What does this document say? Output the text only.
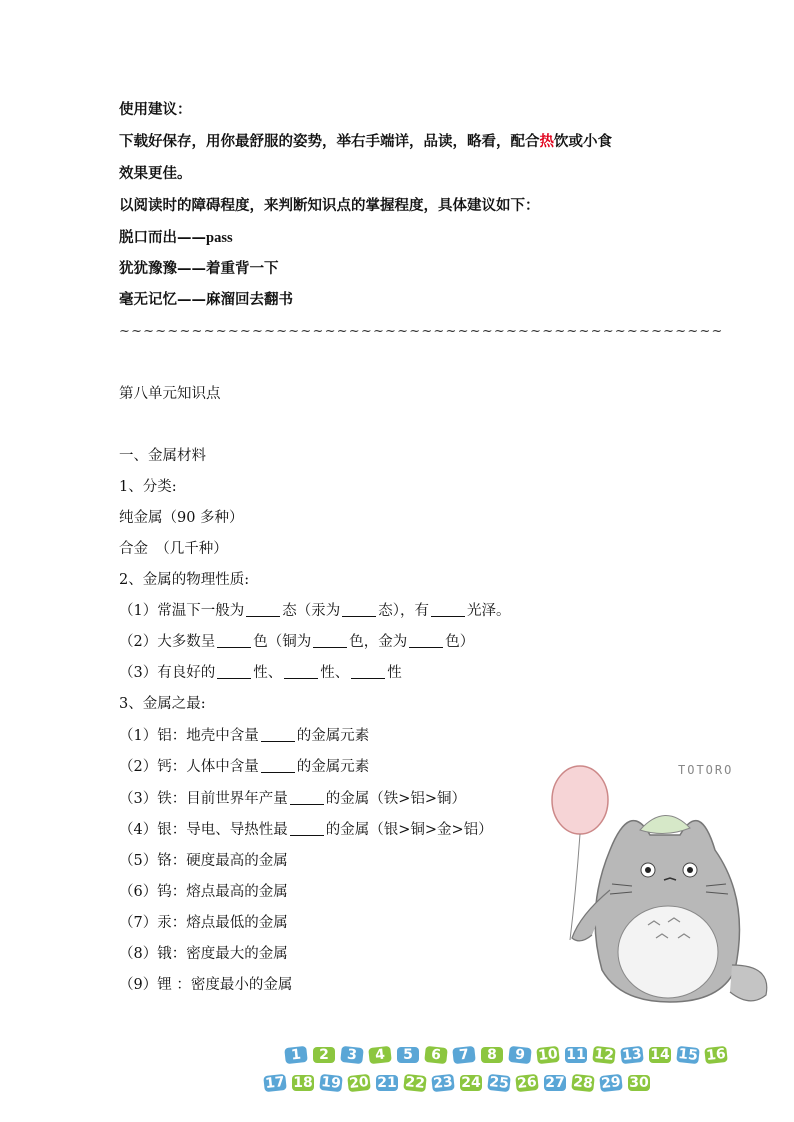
使用建议：
下载好保存，用你最舒服的姿势，举右手端详，品读，略看，配合热饮或小食
效果更佳。
以阅读时的障碍程度，来判断知识点的掌握程度，具体建议如下：
脱口而出——pass
犹犹豫豫——着重背一下
毫无记忆——麻溜回去翻书
~~~~~~~~~~~~~~~~~~~~~~~~~~~~~~~~~~~~~~~~~~~~~~~~~~
第八单元知识点
一、金属材料
1、分类:
纯金属（90 多种）
合金　（几千种）
2、金属的物理性质:
（1）常温下一般为	态（汞为	态），有	光泽。
（2）大多数呈	色（铜为	色，金为	色）
（3）有良好的	性、	性、	性
3、金属之最:
（1）铝：地壳中含量	的金属元素
（2）钙：人体中含量	的金属元素
（3）铁：目前世界年产量	的金属（铁>铝>铜）
（4）银：导电、导热性最	的金属（银>铜>金>铝）
（5）铬：硬度最高的金属
（6）钨：熔点最高的金属
（7）汞：熔点最低的金属
（8）锇：密度最大的金属
（9）锂 ：密度最小的金属
TOTORO
1 2 3 4 5 6 7 8 9 10 11 12 13 14 15 16
17 18 19 20 21 22 23 24 25 26 27 28 29 30
